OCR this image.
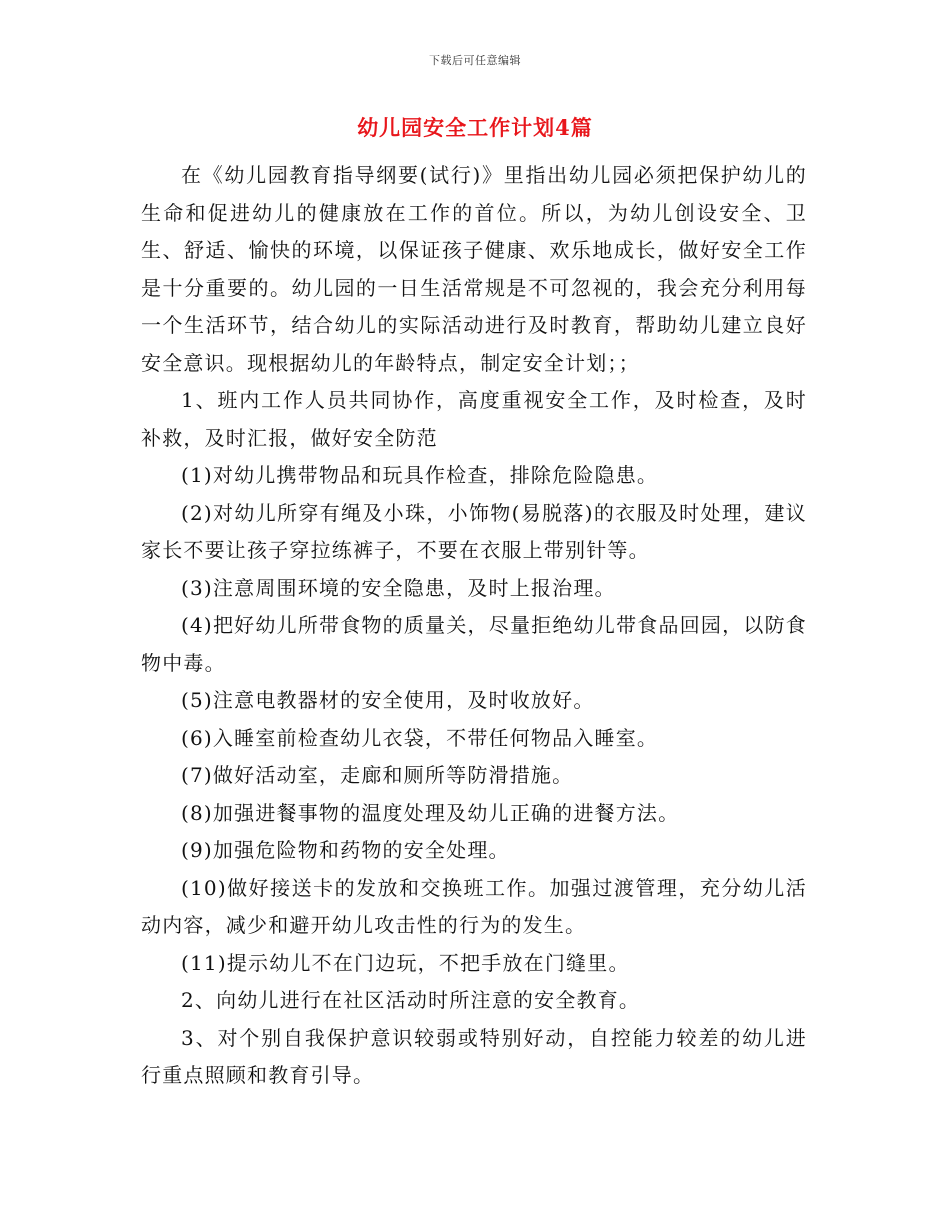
下载后可任意编辑
幼儿园安全工作计划4篇

在《幼儿园教育指导纲要(试行)》里指出幼儿园必须把保护幼儿的生命和促进幼儿的健康放在工作的首位。所以，为幼儿创设安全、卫生、舒适、愉快的环境，以保证孩子健康、欢乐地成长，做好安全工作是十分重要的。幼儿园的一日生活常规是不可忽视的，我会充分利用每一个生活环节，结合幼儿的实际活动进行及时教育，帮助幼儿建立良好安全意识。现根据幼儿的年龄特点，制定安全计划；；

1、班内工作人员共同协作，高度重视安全工作，及时检查，及时补救，及时汇报，做好安全防范

(1)对幼儿携带物品和玩具作检查，排除危险隐患。

(2)对幼儿所穿有绳及小珠，小饰物(易脱落)的衣服及时处理，建议家长不要让孩子穿拉练裤子，不要在衣服上带别针等。

(3)注意周围环境的安全隐患，及时上报治理。

(4)把好幼儿所带食物的质量关，尽量拒绝幼儿带食品回园，以防食物中毒。

(5)注意电教器材的安全使用，及时收放好。

(6)入睡室前检查幼儿衣袋，不带任何物品入睡室。

(7)做好活动室，走廊和厕所等防滑措施。

(8)加强进餐事物的温度处理及幼儿正确的进餐方法。

(9)加强危险物和药物的安全处理。

(10)做好接送卡的发放和交换班工作。加强过渡管理，充分幼儿活动内容，减少和避开幼儿攻击性的行为的发生。

(11)提示幼儿不在门边玩，不把手放在门缝里。

2、向幼儿进行在社区活动时所注意的安全教育。

3、对个别自我保护意识较弱或特别好动，自控能力较差的幼儿进行重点照顾和教育引导。
